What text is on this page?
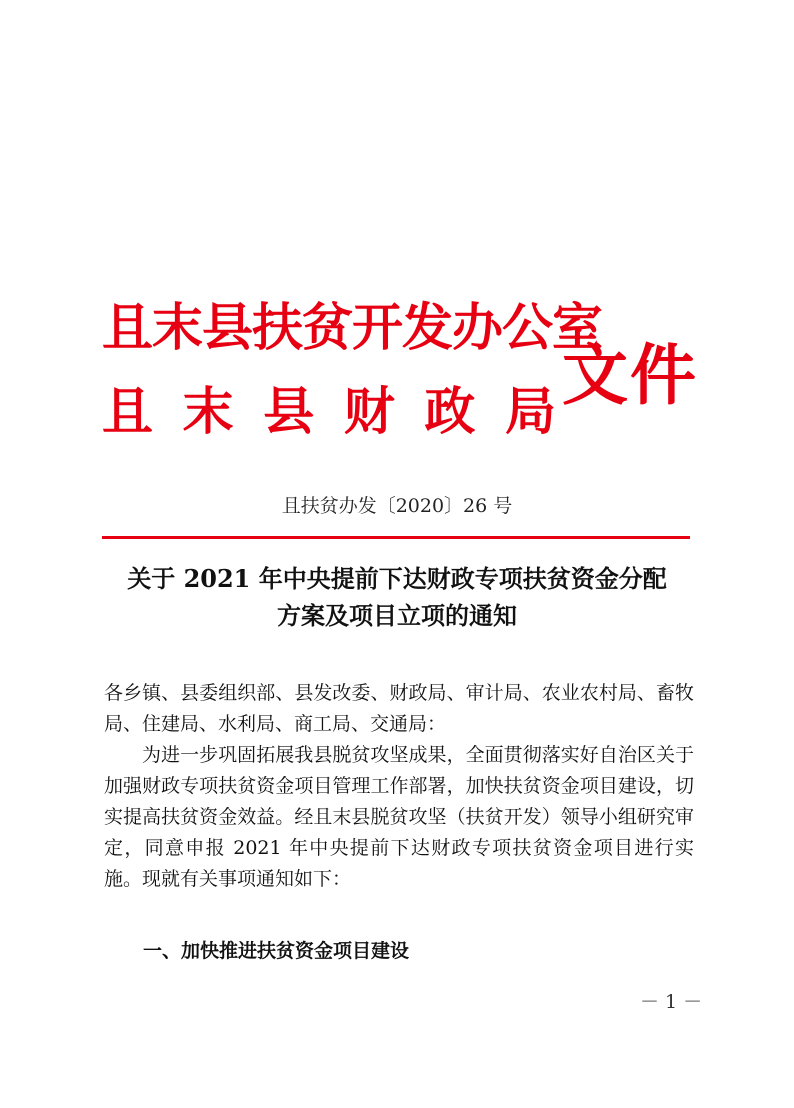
且末县扶贫开发办公室
且 末 县 财 政 局 文件
且扶贫办发〔2020〕26 号
关于 2021 年中央提前下达财政专项扶贫资金分配
方案及项目立项的通知

各乡镇、县委组织部、县发改委、财政局、审计局、农业农村局、畜牧局、住建局、水利局、商工局、交通局：

为进一步巩固拓展我县脱贫攻坚成果，全面贯彻落实好自治区关于加强财政专项扶贫资金项目管理工作部署，加快扶贫资金项目建设，切实提高扶贫资金效益。经且末县脱贫攻坚（扶贫开发）领导小组研究审定，同意申报 2021 年中央提前下达财政专项扶贫资金项目进行实施。现就有关事项通知如下：

一、加快推进扶贫资金项目建设
－ 1 －
